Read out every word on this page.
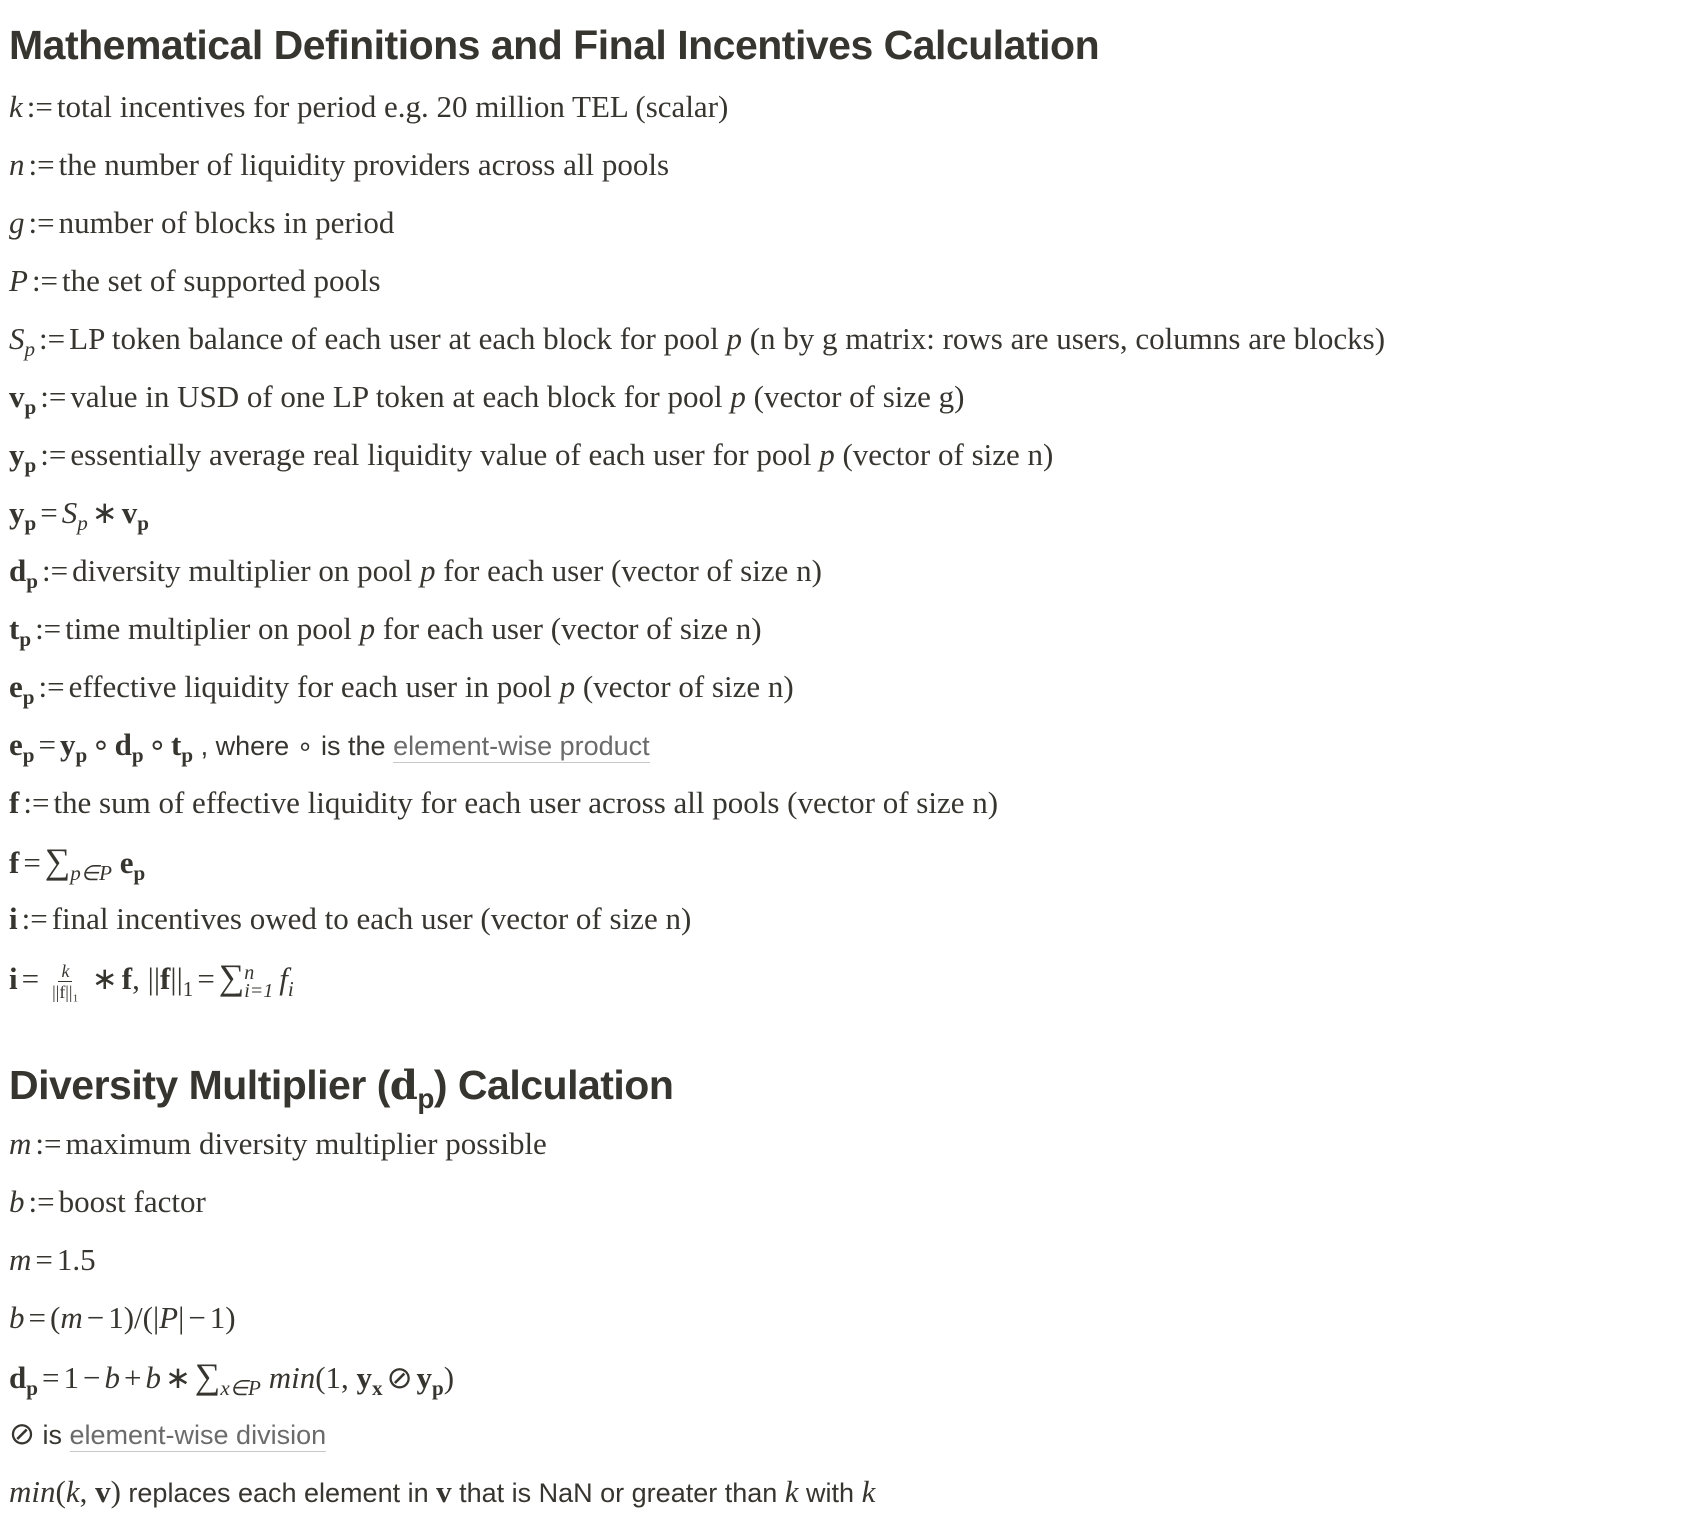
Mathematical Definitions and Final Incentives Calculation
k := total incentives for period e.g. 20 million TEL (scalar)
n := the number of liquidity providers across all pools
g := number of blocks in period
P := the set of supported pools
$S_p$ := LP token balance of each user at each block for pool p (n by g matrix: rows are users, columns are blocks)
$v_p$ := value in USD of one LP token at each block for pool p (vector of size g)
$y_p$ := essentially average real liquidity value of each user for pool p (vector of size n)
$y_p = S_p$ ∗ $v_p$
$d_p$ := diversity multiplier on pool p for each user (vector of size n)
$t_p$ := time multiplier on pool p for each user (vector of size n)
$e_p$ := effective liquidity for each user in pool p (vector of size n)
$e_p = y_p$ ∘ $d_p$ ∘ $t_p$ , where ∘ is the element-wise product
f := the sum of effective liquidity for each user across all pools (vector of size n)
$f = \sum_{p\in P}$ $e_p$
i := final incentives owed to each user (vector of size n)
$i = \frac{k}{\text{||f||₁}}$ ∗ f, $||f||_1$ = ∑ n
i=1 $f_i$
Diversity Multiplier $(d_p)$ Calculation
m := maximum diversity multiplier possible
b := boost factor
m = 1.5
b = (m − 1)/(|P| − 1)
$d_p = 1 - b + b$ ∗ $\sum_{x\in P}$ min(1, $y_x$ ⊘ $y_p$)
⊘ is element-wise division
min(k, v) replaces each element in v that is NaN or greater than k with k
